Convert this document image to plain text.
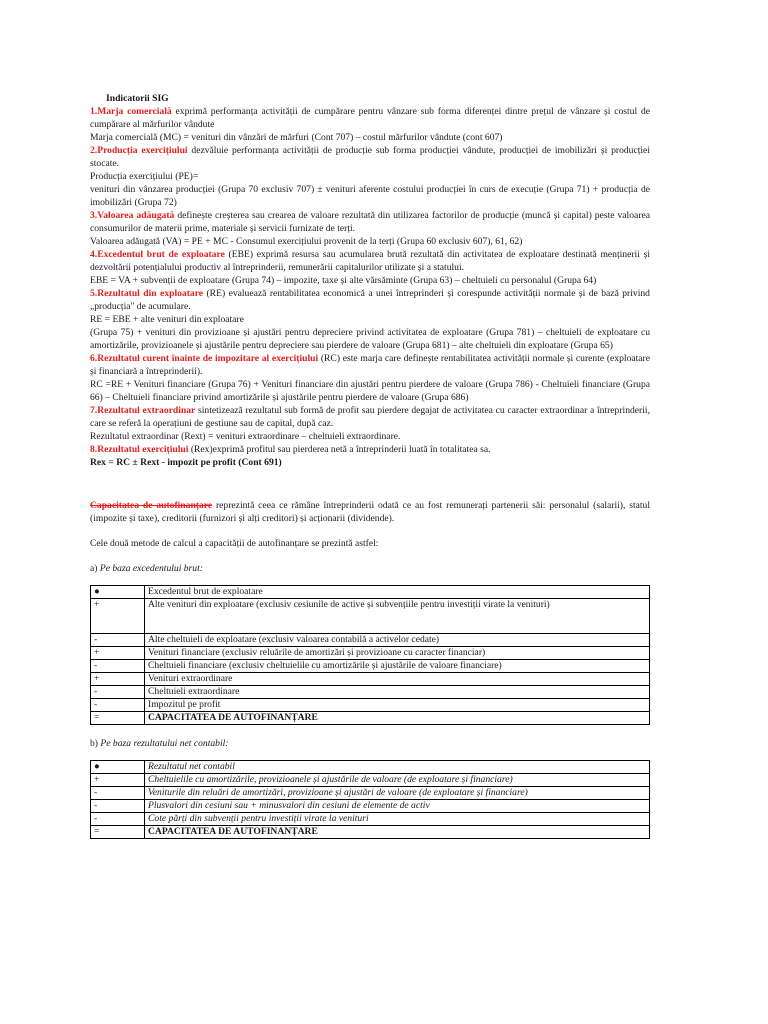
Indicatorii SIG

1.Marja comercială exprimă performanța activității de cumpărare pentru vânzare sub forma diferenței dintre prețul de vânzare și costul de cumpărare al mărfurilor vândute

Marja comercială (MC) = venituri din vânzări de mărfuri (Cont 707) – costul mărfurilor vândute (cont 607)

2.Producția exercițiului dezvăluie performanța activității de producție sub forma producției vândute, producției de imobilizări și producției stocate.

Producția exercițiului (PE)=

venituri din vânzarea producției (Grupa 70 exclusiv 707) ± venituri aferente costului producției în curs de execuție (Grupa 71) + producția de imobilizări (Grupa 72)

3.Valoarea adăugată definește creșterea sau crearea de valoare rezultată din utilizarea factorilor de producție (muncă și capital) peste valoarea consumurilor de materii prime, materiale și servicii furnizate de terți.

Valoarea adăugată (VA) = PE + MC - Consumul exercițiului provenit de la terți (Grupa 60 exclusiv 607), 61, 62)

4.Excedentul brut de exploatare (EBE) exprimă resursa sau acumularea brută rezultată din activitatea de exploatare destinată menținerii și dezvoltării potențialului productiv al întreprinderii, remunerării capitalurilor utilizate și a statului.

EBE = VA + subvenții de exploatare (Grupa 74) – impozite, taxe și alte vărsăminte (Grupa 63) – cheltuieli cu personalul (Grupa 64)

5.Rezultatul din exploatare (RE) evaluează rentabilitatea economică a unei întreprinderi și corespunde activității normale și de bază privind „producția" de acumulare.

RE = EBE + alte venituri din exploatare

(Grupa 75) + venituri din provizioane și ajustări pentru depreciere privind activitatea de exploatare (Grupa 781) – cheltuieli de exploatare cu amortizările, provizioanele și ajustările pentru depreciere sau pierdere de valoare (Grupa 681) – alte cheltuieli din exploatare (Grupa 65)

6.Rezultatul curent înainte de impozitare al exercițiului (RC) este marja care definește rentabilitatea activității normale și curente (exploatare și financiară a întreprinderii).

RC =RE + Venituri financiare (Grupa 76) + Venituri financiare din ajustări pentru pierdere de valoare (Grupa 786) - Cheltuieli financiare (Grupa 66) – Cheltuieli financiare privind amortizările și ajustările pentru pierdere de valoare (Grupa 686)

7.Rezultatul extraordinar sintetizează rezultatul sub formă de profit sau pierdere degajat de activitatea cu caracter extraordinar a întreprinderii, care se referă la operațiuni de gestiune sau de capital, după caz.

Rezultatul extraordinar (Rext) = venituri extraordinare – cheltuieli extraordinare.

8.Rezultatul exercițiului (Rex)exprimă profitul sau pierderea netă a întreprinderii luată în totalitatea sa.

Rex = RC ± Rext - impozit pe profit (Cont 691)

Capacitatea de autofinanțare reprezintă ceea ce rămâne întreprinderii odată ce au fost remunerați partenerii săi: personalul (salarii), statul (impozite și taxe), creditorii (furnizori și alți creditori) și acționarii (dividende).

Cele două metode de calcul a capacității de autofinanțare se prezintă astfel:

a) Pe baza excedentului brut:

●	Excedentul brut de exploatare
+	Alte venituri din exploatare (exclusiv cesiunile de active și subvențiile pentru investiții virate la venituri)
-	Alte cheltuieli de exploatare (exclusiv valoarea contabilă a activelor cedate)
+	Venituri financiare (exclusiv reluările de amortizări și provizioane cu caracter financiar)
-	Cheltuieli financiare (exclusiv cheltuielile cu amortizările și ajustările de valoare financiare)
+	Venituri extraordinare
-	Cheltuieli extraordinare
-	Impozitul pe profit
=	CAPACITATEA DE AUTOFINANȚARE

b) Pe baza rezultatului net contabil:

●	Rezultatul net contabil
+	Cheltuielile cu amortizările, provizioanele și ajustările de valoare (de exploatare și financiare)
-	Veniturile din reluări de amortizări, provizioane și ajustări de valoare (de exploatare și financiare)
-	Plusvalori din cesiuni sau + minusvalori din cesiuni de elemente de activ
-	Cote părți din subvenții pentru investiții virate la venituri
=	CAPACITATEA DE AUTOFINANȚARE
